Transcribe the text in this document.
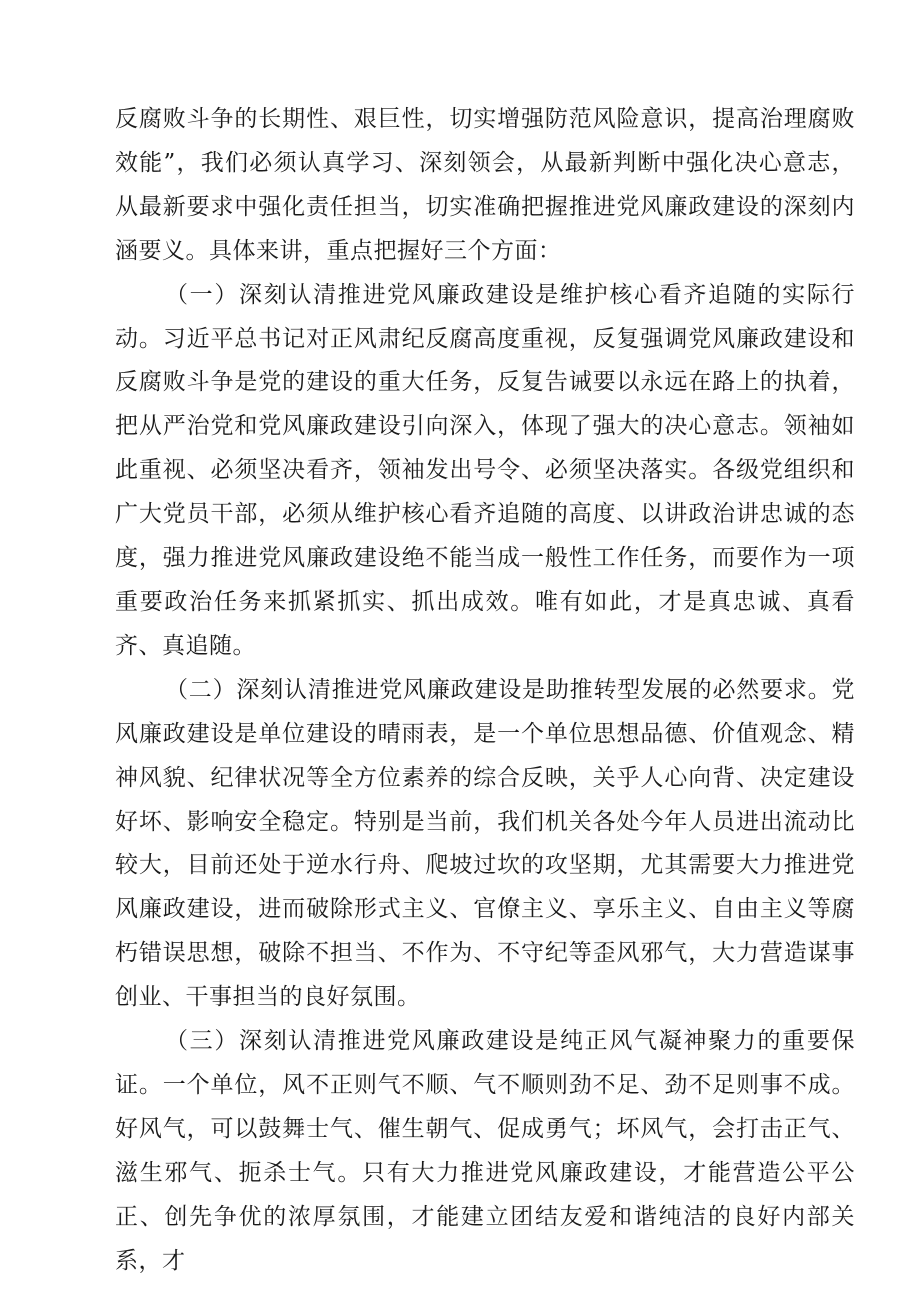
反腐败斗争的长期性、艰巨性，切实增强防范风险意识，提高治理腐败效能”，我们必须认真学习、深刻领会，从最新判断中强化决心意志，从最新要求中强化责任担当，切实准确把握推进党风廉政建设的深刻内涵要义。具体来讲，重点把握好三个方面：

（一）深刻认清推进党风廉政建设是维护核心看齐追随的实际行动。习近平总书记对正风肃纪反腐高度重视，反复强调党风廉政建设和反腐败斗争是党的建设的重大任务，反复告诫要以永远在路上的执着，把从严治党和党风廉政建设引向深入，体现了强大的决心意志。领袖如此重视、必须坚决看齐，领袖发出号令、必须坚决落实。各级党组织和广大党员干部，必须从维护核心看齐追随的高度、以讲政治讲忠诚的态度，强力推进党风廉政建设绝不能当成一般性工作任务，而要作为一项重要政治任务来抓紧抓实、抓出成效。唯有如此，才是真忠诚、真看齐、真追随。

（二）深刻认清推进党风廉政建设是助推转型发展的必然要求。党风廉政建设是单位建设的晴雨表，是一个单位思想品德、价值观念、精神风貌、纪律状况等全方位素养的综合反映，关乎人心向背、决定建设好坏、影响安全稳定。特别是当前，我们机关各处今年人员进出流动比较大，目前还处于逆水行舟、爬坡过坎的攻坚期，尤其需要大力推进党风廉政建设，进而破除形式主义、官僚主义、享乐主义、自由主义等腐朽错误思想，破除不担当、不作为、不守纪等歪风邪气，大力营造谋事创业、干事担当的良好氛围。

（三）深刻认清推进党风廉政建设是纯正风气凝神聚力的重要保证。一个单位，风不正则气不顺、气不顺则劲不足、劲不足则事不成。好风气，可以鼓舞士气、催生朝气、促成勇气；坏风气，会打击正气、滋生邪气、扼杀士气。只有大力推进党风廉政建设，才能营造公平公正、创先争优的浓厚氛围，才能建立团结友爱和谐纯洁的良好内部关系，才
